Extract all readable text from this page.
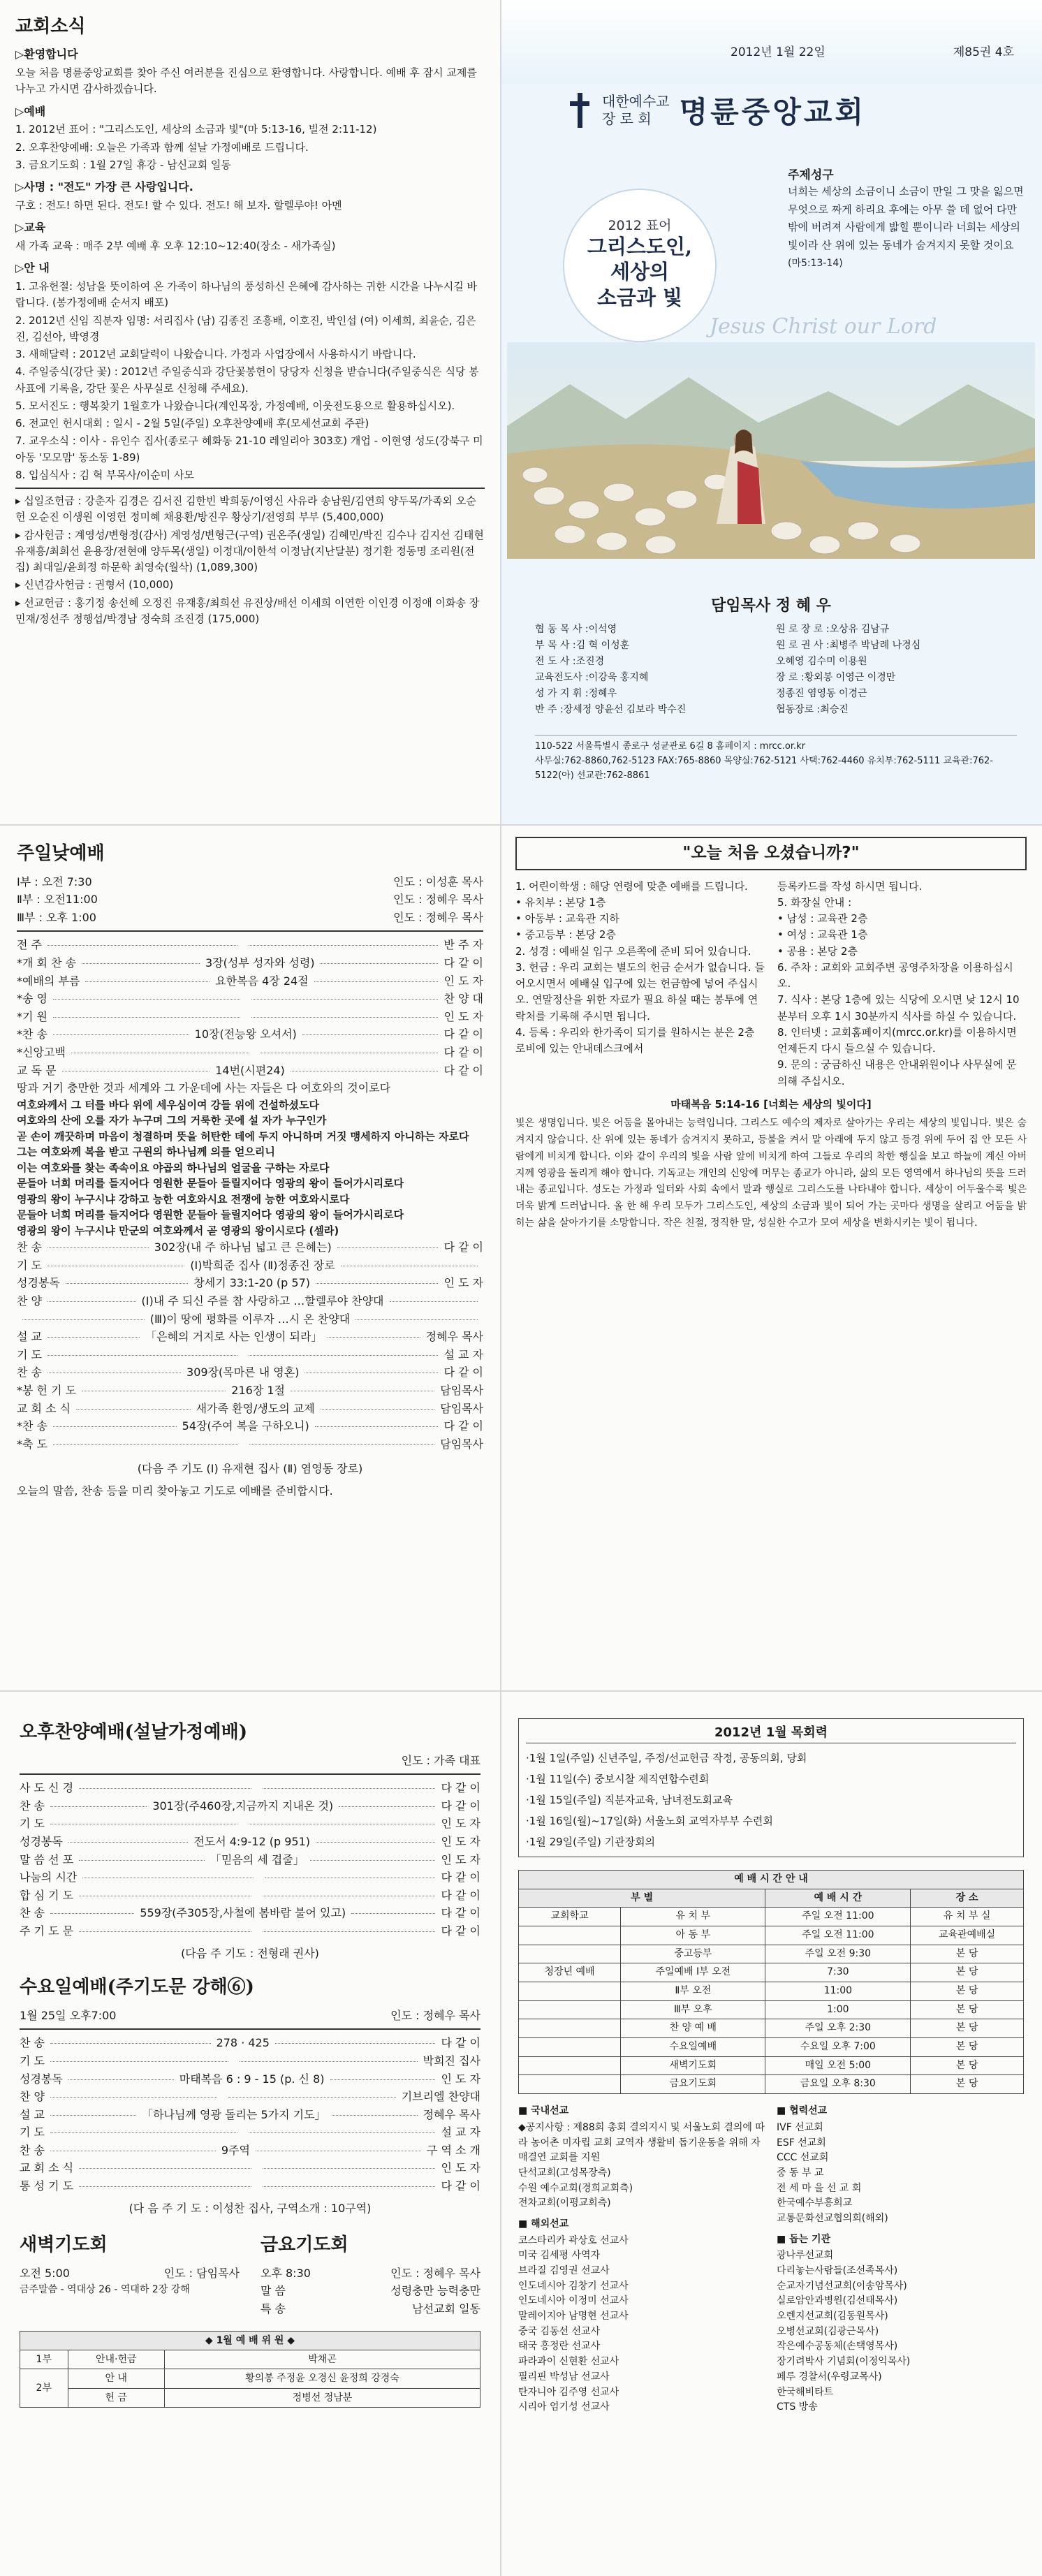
교회소식
▷환영합니다
오늘 처음 명륜중앙교회를 찾아 주신 여러분을 진심으로 환영합니다. 사랑합니다. 예배 후 잠시 교제를 나누고 가시면 감사하겠습니다.
▷예배
1. 2012년 표어 : "그리스도인, 세상의 소금과 빛"(마 5:13-16, 빌전 2:11-12)
2. 오후찬양예배: 오늘은 가족과 함께 설날 가정예배로 드립니다.
3. 금요기도회 : 1월 27일 휴강 - 남신교회 일동
▷사명 : "전도" 가장 큰 사랑입니다.
구호 : 전도! 하면 된다. 전도! 할 수 있다. 전도! 해 보자. 할렐루야! 아멘
▷교육
새 가족 교육 : 매주 2부 예배 후 오후 12:10~12:40(장소 - 새가족실)
▷안 내
1. 고유헌절: 성남을 뜻이하여 온 가족이 하나님의 풍성하신 은혜에 감사하는 귀한 시간을 나누시길 바랍니다. (봉가정예배 순서지 배포)
2. 2012년 신임 직분자 임명: 서리집사 (남) 김종진 조흥배, 이호진, 박인섭 (여) 이세희, 최윤순, 김은진, 김선아, 박영경
3. 새해달력 : 2012년 교회달력이 나왔습니다. 가정과 사업장에서 사용하시기 바랍니다.
4. 주일중식(강단 꽃) : 2012년 주일중식과 강단꽃봉헌이 당당자 신청을 받습니다(주일중식은 식당 봉사표에 기록을, 강단 꽃은 사무실로 신청해 주세요).
5. 모서진도 : 행복찾기 1월호가 나왔습니다(계인목장, 가정예배, 이웃전도용으로 활용하십시오).
6. 전교인 헌시대회 : 일시 - 2월 5일(주일) 오후찬양예배 후(모세선교회 주관)
7. 교우소식 : 이사 - 유인수 집사(종로구 혜화동 21-10 레일리아 303호) 개업 - 이현영 성도(강북구 미아동 '모모맘' 동소동 1-89)
8. 입심식사 : 김 혁 부목사/이순미 사모
▸ 십일조헌금 : 강춘자 김경은 김서진 김한빈 박희동/이영신 사유라 송남원/김연희 양두목/가족외 오순헌 오순진 이생원 이영헌 정미혜 채용환/방진우 황상기/전영희 부부 (5,400,000)
▸ 감사헌금 : 계영성/변형정(감사) 계영성/변형근(구역) 권온주(생일) 김혜민/박진 김수나 김지선 김태현 유재흥/최희선 윤용장/전현애 양두목(생일) 이정대/이한석 이정남(지난달분) 정기환 정동명 조리원(전집) 최대일/윤희정 하문학 최영숙(월삭) (1,089,300)
▸ 신년감사헌금 : 권형서 (10,000)
▸ 선교헌금 : 홍기정 송선혜 오정진 유재흥/최희선 유진상/배선 이세희 이연한 이인경 이정애 이화송 장민재/정선주 정행섭/박경남 정숙희 조진경 (175,000)
2012년 1월 22일	제85권 4호
대한예수교
장 로 회 명륜중앙교회
주제성구
너희는 세상의 소금이니 소금이 만일 그 맛을 잃으면 무엇으로 짜게 하리요 후에는 아무 쓸 데 없어 다만 밖에 버려져 사람에게 밟힐 뿐이니라 너희는 세상의 빛이라 산 위에 있는 동네가 숨겨지지 못할 것이요 (마5:13-14)
2012 표어
그리스도인,
세상의
소금과 빛
Jesus Christ our Lord
담임목사 정 혜 우
협 동 목 사 :이석영	원 로 장 로 :오상유 김남규
부 목 사 :김 혁 이성훈	원 로 권 사 :최병주 박남례 나경심
전 도 사 :조진경	오혜영 김수미 이용원
교육전도사 :이강욱 홍지혜	장 로 :황외봉 이영근 이경만
성 가 지 휘 :정혜우	정종진 염영동 이경근
반 주 :장세정 양윤선 김보라 박수진	협동장로 :최승진
110-522 서울특별시 종로구 성균관로 6길 8 홈페이지 : mrcc.or.kr
사무실:762-8860,762-5123 FAX:765-8860 목양실:762-5121 사택:762-4460 유치부:762-5111 교육관:762-5122(아) 선교관:762-8861
주일낮예배
Ⅰ부 : 오전 7:30	인도 : 이성훈 목사
Ⅱ부 : 오전11:00	인도 : 정혜우 목사
Ⅲ부 : 오후 1:00	인도 : 정혜우 목사
전 주	반 주 자
*개 회 찬 송	3장(성부 성자와 성령)	다 같 이
*예배의 부름	요한복음 4장 24절	인 도 자
*송 영	찬 양 대
*기 원	인 도 자
*찬 송	10장(전능왕 오셔서)	다 같 이
*신앙고백	다 같 이
교 독 문	14번(시편24)	다 같 이
땅과 거기 충만한 것과 세계와 그 가운데에 사는 자들은 다 여호와의 것이로다
여호와께서 그 터를 바다 위에 세우심이여 강들 위에 건설하셨도다
여호와의 산에 오를 자가 누구며 그의 거룩한 곳에 설 자가 누구인가
곧 손이 깨끗하며 마음이 청결하며 뜻을 허탄한 데에 두지 아니하며 거짓 맹세하지 아니하는 자로다
그는 여호와께 복을 받고 구원의 하나님께 의를 얻으리니
이는 여호와를 찾는 족속이요 야곱의 하나님의 얼굴을 구하는 자로다
문들아 너희 머리를 들지어다 영원한 문들아 들릴지어다 영광의 왕이 들어가시리로다
영광의 왕이 누구시냐 강하고 능한 여호와시요 전쟁에 능한 여호와시로다
문들아 너희 머리를 들지어다 영원한 문들아 들릴지어다 영광의 왕이 들어가시리로다
영광의 왕이 누구시냐 만군의 여호와께서 곧 영광의 왕이시로다 (셀라)
찬 송	302장(내 주 하나님 넓고 큰 은혜는)	다 같 이
기 도	(Ⅰ)박희준 집사 (Ⅱ)정종진 장로
성경봉독	창세기 33:1-20 (p 57)	인 도 자
찬 양	(Ⅰ)내 주 되신 주를 참 사랑하고 …할렐루야 찬양대
(Ⅲ)이 땅에 평화를 이루자 …시 온 찬양대
설 교	「은혜의 거지로 사는 인생이 되라」	정혜우 목사
기 도	설 교 자
찬 송	309장(목마른 내 영혼)	다 같 이
*봉 헌 기 도	216장 1절	담임목사
교 회 소 식	새가족 환영/생도의 교제	담임목사
*찬 송	54장(주여 복을 구하오니)	다 같 이
*축 도	담임목사
(다음 주 기도 (Ⅰ) 유재현 집사 (Ⅱ) 염영동 장로)
오늘의 말씀, 찬송 등을 미리 찾아놓고 기도로 예배를 준비합시다.
"오늘 처음 오셨습니까?"
1. 어린이학생 : 해당 연령에 맞춘 예배를 드립니다.
• 유치부 : 본당 1층
• 아동부 : 교육관 지하
• 중고등부 : 본당 2층
2. 성경 : 예배실 입구 오른쪽에 준비 되어 있습니다.
3. 헌금 : 우리 교회는 별도의 헌금 순서가 없습니다. 들어오시면서 예배실 입구에 있는 헌금함에 넣어 주십시오. 연말정산을 위한 자료가 필요 하실 때는 봉투에 연락처를 기록해 주시면 됩니다.
4. 등록 : 우리와 한가족이 되기를 원하시는 분은 2층 로비에 있는 안내데스크에서
등록카드를 작성 하시면 됩니다.
5. 화장실 안내 :
• 남성 : 교육관 2층
• 여성 : 교육관 1층
• 공용 : 본당 2층
6. 주차 : 교회와 교회주변 공영주차장을 이용하십시오.
7. 식사 : 본당 1층에 있는 식당에 오시면 낮 12시 10분부터 오후 1시 30분까지 식사를 하실 수 있습니다.
8. 인터넷 : 교회홈페이지(mrcc.or.kr)를 이용하시면 언제든지 다시 들으실 수 있습니다.
9. 문의 : 궁금하신 내용은 안내위원이나 사무실에 문의해 주십시오.
마태복음 5:14-16 [너희는 세상의 빛이다]
빛은 생명입니다. 빛은 어둠을 몰아내는 능력입니다. 그리스도 예수의 제자로 살아가는 우리는 세상의 빛입니다. 빛은 숨겨지지 않습니다. 산 위에 있는 동네가 숨겨지지 못하고, 등불을 켜서 말 아래에 두지 않고 등경 위에 두어 집 안 모든 사람에게 비치게 합니다. 이와 같이 우리의 빛을 사람 앞에 비치게 하여 그들로 우리의 착한 행실을 보고 하늘에 계신 아버지께 영광을 돌리게 해야 합니다. 기독교는 개인의 신앙에 머무는 종교가 아니라, 삶의 모든 영역에서 하나님의 뜻을 드러내는 종교입니다. 성도는 가정과 일터와 사회 속에서 말과 행실로 그리스도를 나타내야 합니다. 세상이 어두울수록 빛은 더욱 밝게 드러납니다. 올 한 해 우리 모두가 그리스도인, 세상의 소금과 빛이 되어 가는 곳마다 생명을 살리고 어둠을 밝히는 삶을 살아가기를 소망합니다. 작은 친절, 정직한 말, 성실한 수고가 모여 세상을 변화시키는 빛이 됩니다.
오후찬양예배(설날가정예배)
인도 : 가족 대표
사 도 신 경	다 같 이
찬 송	301장(주460장,지금까지 지내온 것)	다 같 이
기 도	인 도 자
성경봉독	전도서 4:9-12 (p 951)	인 도 자
말 씀 선 포	「믿음의 세 겹줄」	인 도 자
나눔의 시간	다 같 이
합 심 기 도	다 같 이
찬 송	559장(주305장,사철에 봄바람 불어 있고)	다 같 이
주 기 도 문	다 같 이
(다음 주 기도 : 전형래 권사)
수요일예배(주기도문 강해⑥)
1월 25일 오후7:00	인도 : 정혜우 목사
찬 송	278 · 425	다 같 이
기 도	박희진 집사
성경봉독	마태복음 6 : 9 - 15 (p. 신 8)	인 도 자
찬 양	기브리엘 찬양대
설 교	「하나님께 영광 돌리는 5가지 기도」	정혜우 목사
기 도	설 교 자
찬 송	9주역	구 역 소 개
교 회 소 식	인 도 자
통 성 기 도	다 같 이
(다 음 주 기 도 : 이성찬 집사, 구역소개 : 10구역)
새벽기도회
오전 5:00	인도 : 담임목사
금주말씀 - 역대상 26 - 역대하 2장 강해
금요기도회
오후 8:30	인도 : 정혜우 목사
말 씀	성령충만 능력충만
특 송	남선교회 일동
◆ 1월 예 배 위 원 ◆		
1부	안내·헌금	박채곤
2부	안 내	황의봉 주정윤 오경신 윤정희 강경숙
	헌 금	정병선 정남분
2012년 1월 목회력
·1월 1일(주일) 신년주일, 주정/선교헌금 작정, 공동의회, 당회
·1월 11일(수) 중보시찰 제직연합수련회
·1월 15일(주일) 직분자교육, 남녀전도회교육
·1월 16일(월)~17일(화) 서울노회 교역자부부 수련회
·1월 29일(주일) 기관장회의
예 배 시 간 안 내			
부 별		예 배 시 간	장 소
교회학교	유 치 부	주일 오전 11:00	유 치 부 실
	아 동 부	주일 오전 11:00	교육관예배실
	중고등부	주일 오전 9:30	본 당
청장년 예배	주일예배 Ⅰ부 오전	7:30	본 당
	Ⅱ부 오전	11:00	본 당
	Ⅲ부 오후	1:00	본 당
	찬 양 예 배	주일 오후 2:30	본 당
	수요일예배	수요일 오후 7:00	본 당
	새벽기도회	매일 오전 5:00	본 당
	금요기도회	금요일 오후 8:30	본 당
■ 국내선교
◆공지사항 : 제88회 총회 결의지시 및 서울노회 결의에 따라 농어촌 미자립 교회 교역자 생활비 돕기운동을 위해 자매결연 교회를 지원
단석교회(고성목장측)
수원 예수교회(경희교회측)
전차교회(이평교회측)
■ 해외선교
코스타리카 곽상호 선교사
미국 김세평 사역자
브라질 김영권 선교사
인도네시아 김창기 선교사
인도네시아 이정미 선교사
말레이지아 남명현 선교사
중국 김동선 선교사
태국 홍정란 선교사
파라과이 신현환 선교사
필리핀 박성남 선교사
탄자니아 김주영 선교사
시리아 엄기성 선교사
■ 협력선교
IVF 선교회
ESF 선교회
CCC 선교회
중 동 부 교
전 세 마 을 선 교 회
한국예수부흥회교
교통문화선교협의회(해외)
■ 돕는 기관
광나루선교회
다리놓는사람들(조선족목사)
순교자기념선교회(이송암목사)
실로암안과병원(김선태목사)
오렌지선교회(김동원목사)
오병선교회(김광근목사)
작은예수공동체(손택영목사)
장기려박사 기념회(이정익목사)
페루 경찰서(우령교목사)
한국해비타트
CTS 방송
